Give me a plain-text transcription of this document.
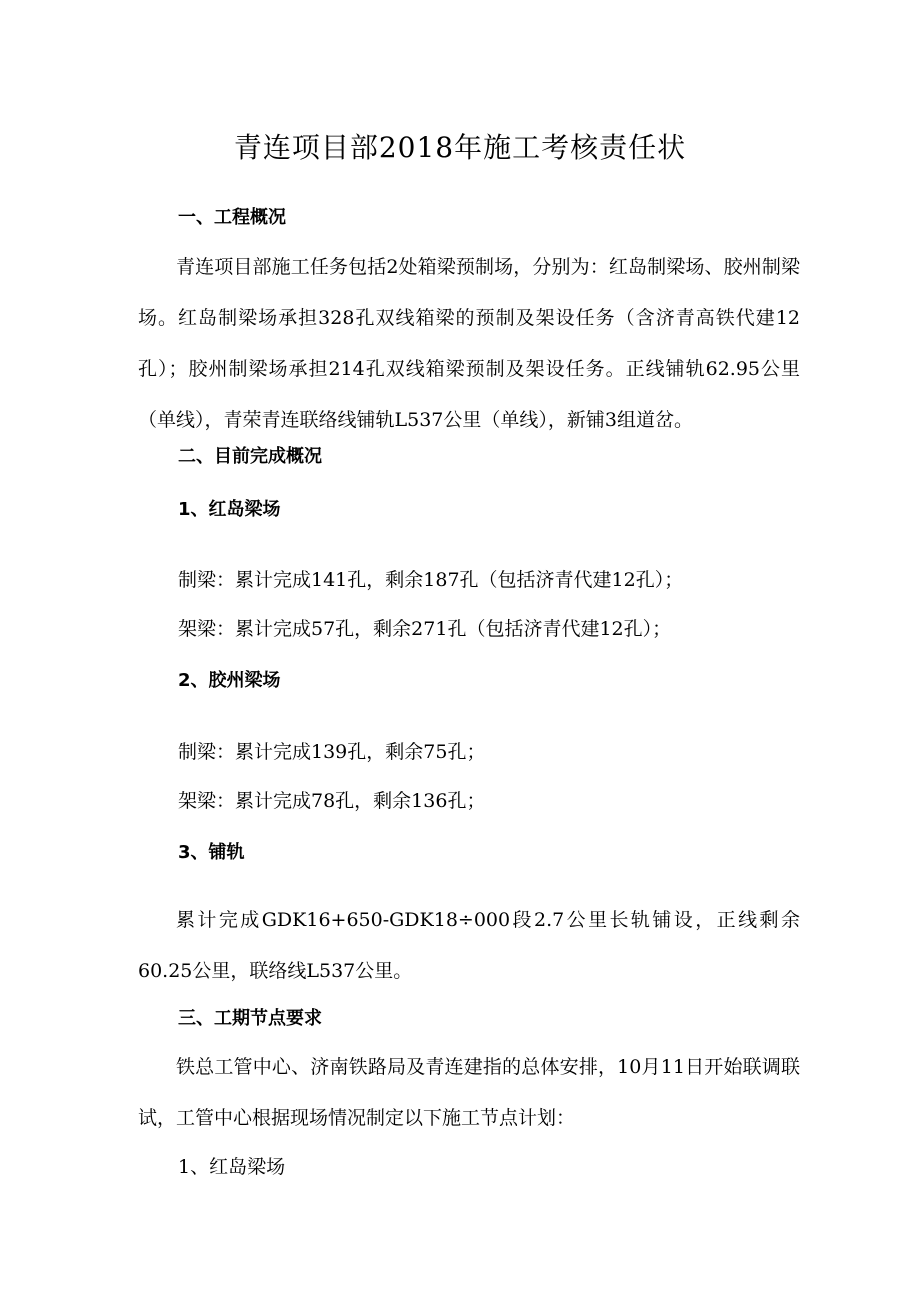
青连项目部2018年施工考核责任状
一、工程概况
青连项目部施工任务包括2处箱梁预制场，分别为：红岛制梁场、胶州制梁场。红岛制梁场承担328孔双线箱梁的预制及架设任务（含济青高铁代建12孔）；胶州制梁场承担214孔双线箱梁预制及架设任务。正线铺轨62.95公里（单线），青荣青连联络线铺轨L537公里（单线），新铺3组道岔。
二、目前完成概况
1、红岛梁场
制梁：累计完成141孔，剩余187孔（包括济青代建12孔）；
架梁：累计完成57孔，剩余271孔（包括济青代建12孔）；
2、胶州梁场
制梁：累计完成139孔，剩余75孔；
架梁：累计完成78孔，剩余136孔；
3、铺轨
累计完成GDK16+650-GDK18÷000段2.7公里长轨铺设，正线剩余60.25公里，联络线L537公里。
三、工期节点要求
铁总工管中心、济南铁路局及青连建指的总体安排，10月11日开始联调联试，工管中心根据现场情况制定以下施工节点计划：
1、红岛梁场
